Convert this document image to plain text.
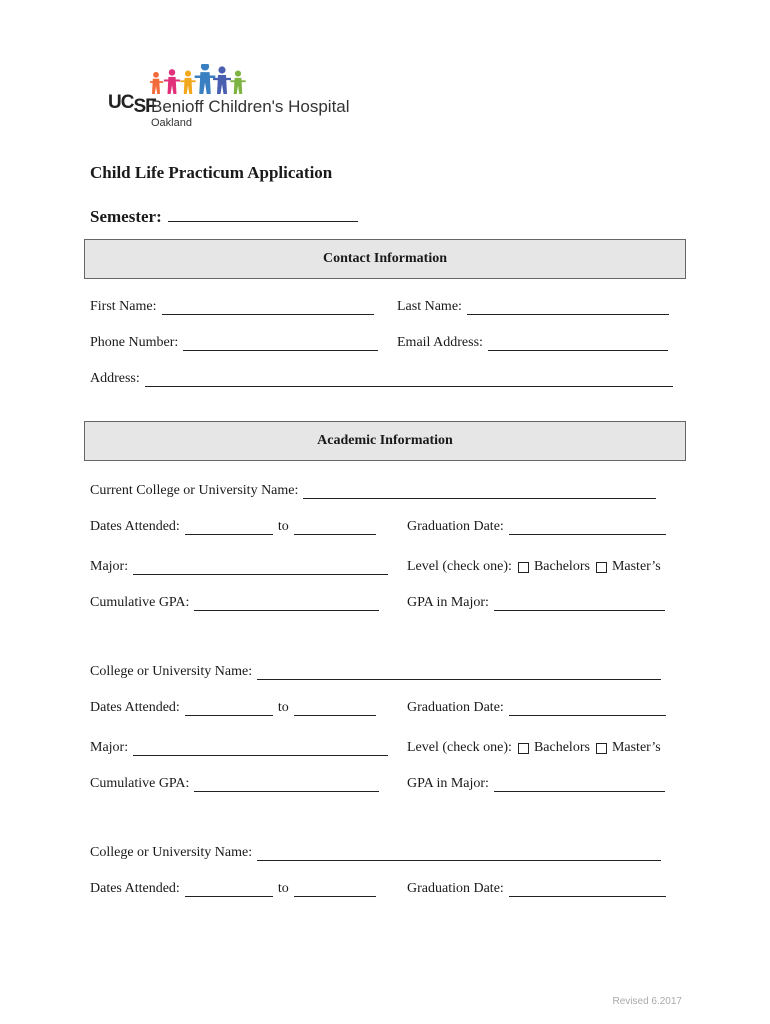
UCSF
Benioff Children's Hospital
Oakland
Child Life Practicum Application
Semester:
Contact Information
First Name:	Last Name:
Phone Number:	Email Address:
Address:
Academic Information
Current College or University Name:
Dates Attended:	to	Graduation Date:
Major:	Level (check one): Bachelors Master’s
Cumulative GPA:	GPA in Major:
College or University Name:
Dates Attended:	to	Graduation Date:
Major:	Level (check one): Bachelors Master’s
Cumulative GPA:	GPA in Major:
College or University Name:
Dates Attended:	to	Graduation Date:
Revised 6.2017
